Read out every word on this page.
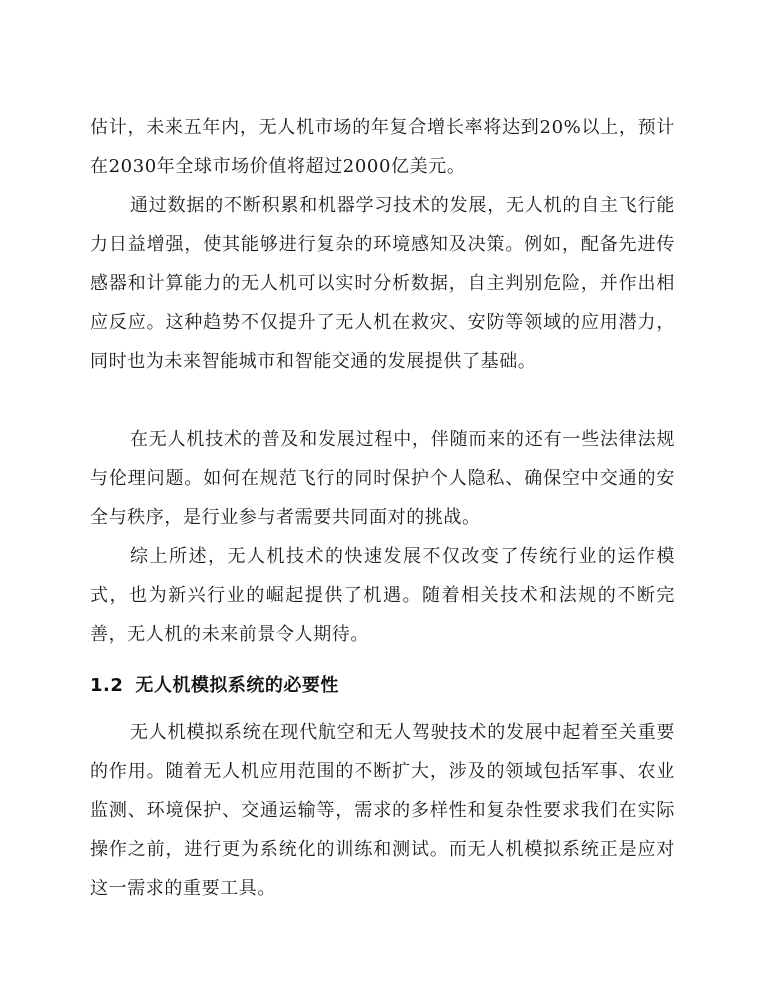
估计，未来五年内，无人机市场的年复合增长率将达到20%以上，预计在2030年全球市场价值将超过2000亿美元。

通过数据的不断积累和机器学习技术的发展，无人机的自主飞行能力日益增强，使其能够进行复杂的环境感知及决策。例如，配备先进传感器和计算能力的无人机可以实时分析数据，自主判别危险，并作出相应反应。这种趋势不仅提升了无人机在救灾、安防等领域的应用潜力，同时也为未来智能城市和智能交通的发展提供了基础。

在无人机技术的普及和发展过程中，伴随而来的还有一些法律法规与伦理问题。如何在规范飞行的同时保护个人隐私、确保空中交通的安全与秩序，是行业参与者需要共同面对的挑战。

综上所述，无人机技术的快速发展不仅改变了传统行业的运作模式，也为新兴行业的崛起提供了机遇。随着相关技术和法规的不断完善，无人机的未来前景令人期待。

1.2 无人机模拟系统的必要性

无人机模拟系统在现代航空和无人驾驶技术的发展中起着至关重要的作用。随着无人机应用范围的不断扩大，涉及的领域包括军事、农业监测、环境保护、交通运输等，需求的多样性和复杂性要求我们在实际操作之前，进行更为系统化的训练和测试。而无人机模拟系统正是应对这一需求的重要工具。
